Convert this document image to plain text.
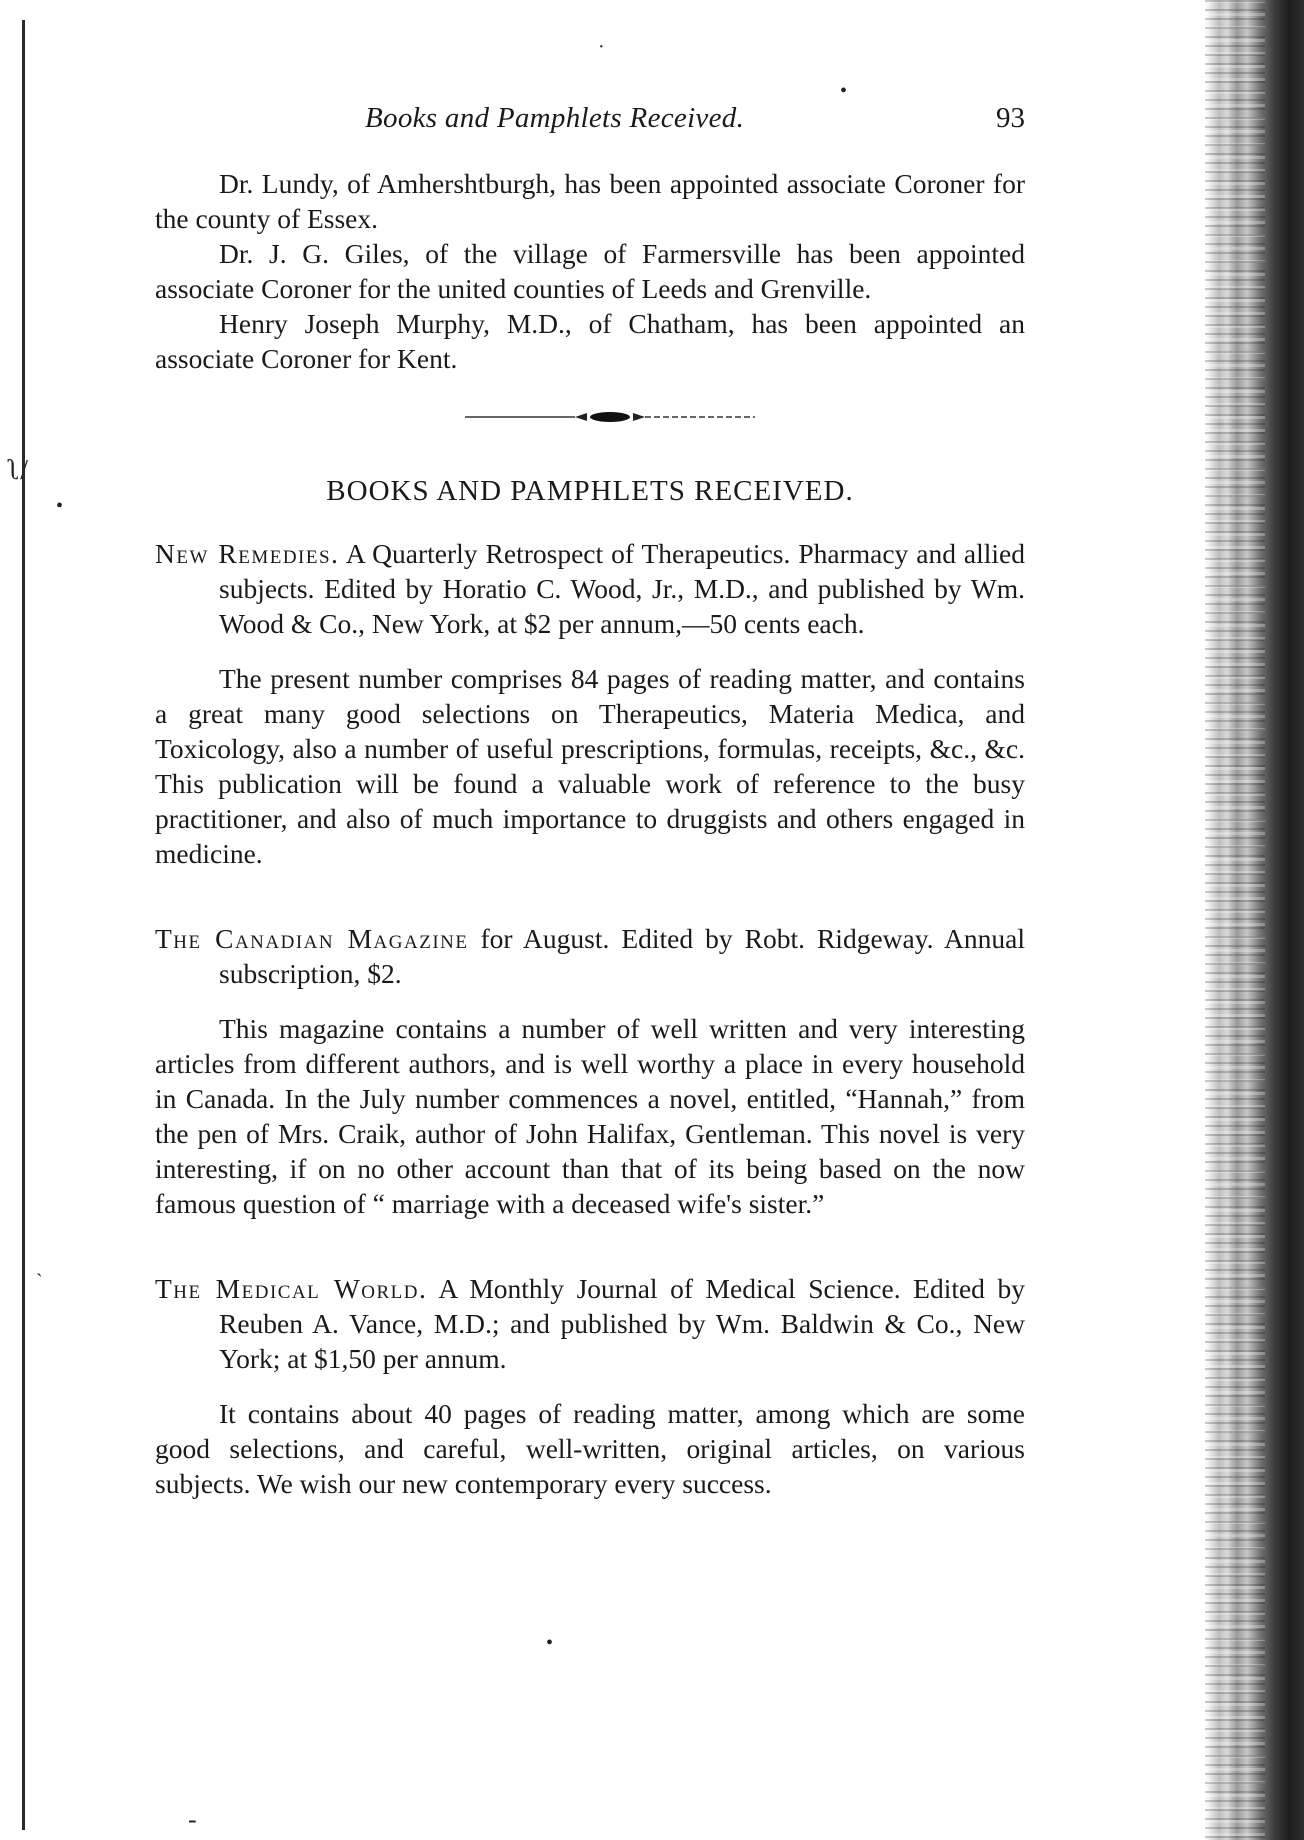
·
•
ʅ/
•
ˎ
•
-
Books and Pamphlets Received.	93

Dr. Lundy, of Amhershtburgh, has been appointed associate Coroner for the county of Essex.

Dr. J. G. Giles, of the village of Farmersville has been appointed associate Coroner for the united counties of Leeds and Grenville.

Henry Joseph Murphy, M.D., of Chatham, has been appointed an associate Coroner for Kent.

BOOKS AND PAMPHLETS RECEIVED.

New Remedies. A Quarterly Retrospect of Therapeutics. Pharmacy and allied subjects. Edited by Horatio C. Wood, Jr., M.D., and published by Wm. Wood & Co., New York, at $2 per annum,—50 cents each.

The present number comprises 84 pages of reading matter, and contains a great many good selections on Therapeutics, Materia Medica, and Toxicology, also a number of useful prescriptions, formulas, receipts, &c., &c. This publication will be found a valuable work of reference to the busy practitioner, and also of much importance to druggists and others engaged in medicine.

The Canadian Magazine for August. Edited by Robt. Ridgeway. Annual subscription, $2.

This magazine contains a number of well written and very interesting articles from different authors, and is well worthy a place in every household in Canada. In the July number commences a novel, entitled, “Hannah,” from the pen of Mrs. Craik, author of John Halifax, Gentleman. This novel is very interesting, if on no other account than that of its being based on the now famous question of “ marriage with a deceased wife's sister.”

The Medical World. A Monthly Journal of Medical Science. Edited by Reuben A. Vance, M.D.; and published by Wm. Baldwin & Co., New York; at $1,50 per annum.

It contains about 40 pages of reading matter, among which are some good selections, and careful, well-written, original articles, on various subjects. We wish our new contemporary every success.
